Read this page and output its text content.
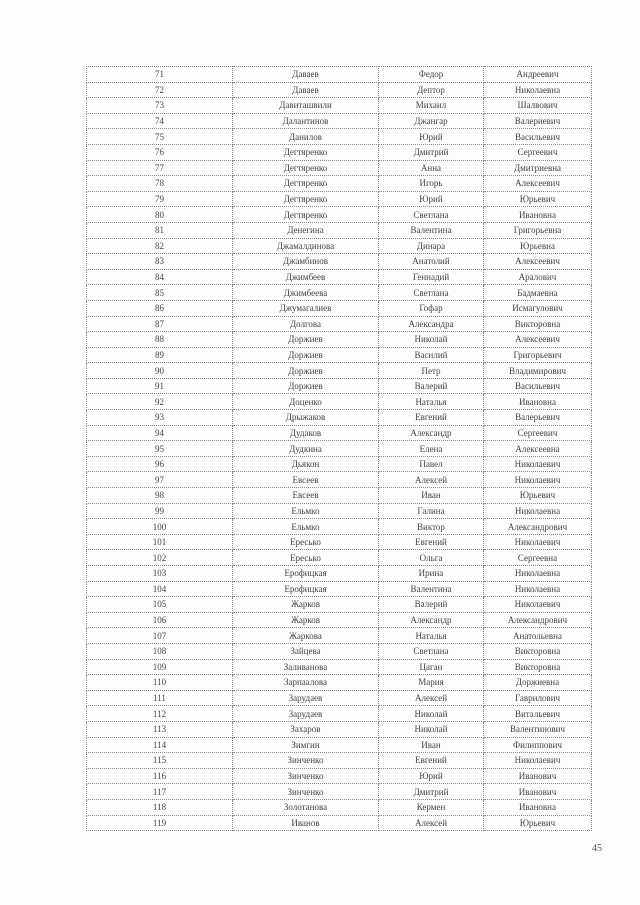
71	Даваев	Федор	Андреевич
72	Даваев	Дептор	Николаевна
73	Давиташвили	Михаил	Шалвович
74	Далантинов	Джангар	Валериевич
75	Данилов	Юрий	Васильевич
76	Дегтяренко	Дмитрий	Сергеевич
77	Дегтяренко	Анна	Дмитриевна
78	Дегтяренко	Игорь	Алексеевич
79	Дегтяренко	Юрий	Юрьевич
80	Дегтяренко	Светлана	Ивановна
81	Денегина	Валентина	Григорьевна
82	Джамалдинова	Динара	Юрьевна
83	Джамбинов	Анатолий	Алексеевич
84	Джимбеев	Геннадий	Аралович
85	Джимбеева	Светлана	Бадмаевна
86	Джумагалиев	Гофар	Исмагулович
87	Долгова	Александра	Викторовна
88	Доржиев	Николай	Алексеевич
89	Доржиев	Василий	Григорьевич
90	Доржиев	Петр	Владимирович
91	Доржиев	Валерий	Васильевич
92	Доценко	Наталья	Ивановна
93	Дрыжаков	Евгений	Валерьевич
94	Дудаков	Александр	Сергеевич
95	Дудкина	Елена	Алексеевна
96	Дьякон	Павел	Николаевич
97	Евсеев	Алексей	Николаевич
98	Евсеев	Иван	Юрьевич
99	Ельмко	Галина	Николаевна
100	Ельмко	Виктор	Александрович
101	Ересько	Евгений	Николаевич
102	Ересько	Ольга	Сергеевна
103	Ерофицкая	Ирина	Николаевна
104	Ерофицкая	Валентина	Николаевна
105	Жарков	Валерий	Николаевич
106	Жарков	Александр	Александрович
107	Жаркова	Наталья	Анатольевна
108	Зайцева	Светлана	Викторовна
109	Заливанова	Цаган	Викторовна
110	Зарпаалова	Мария	Доржиевна
111	Зарудаев	Алексей	Гаврилович
112	Зарудаев	Николай	Витальевич
113	Захаров	Николай	Валентинович
114	Зимгин	Иван	Филиппович
115	Зинченко	Евгений	Николаевич
116	Зинченко	Юрий	Иванович
117	Зинченко	Дмитрий	Иванович
118	Золотанова	Кермен	Ивановна
119	Иванов	Алексей	Юрьевич
45
